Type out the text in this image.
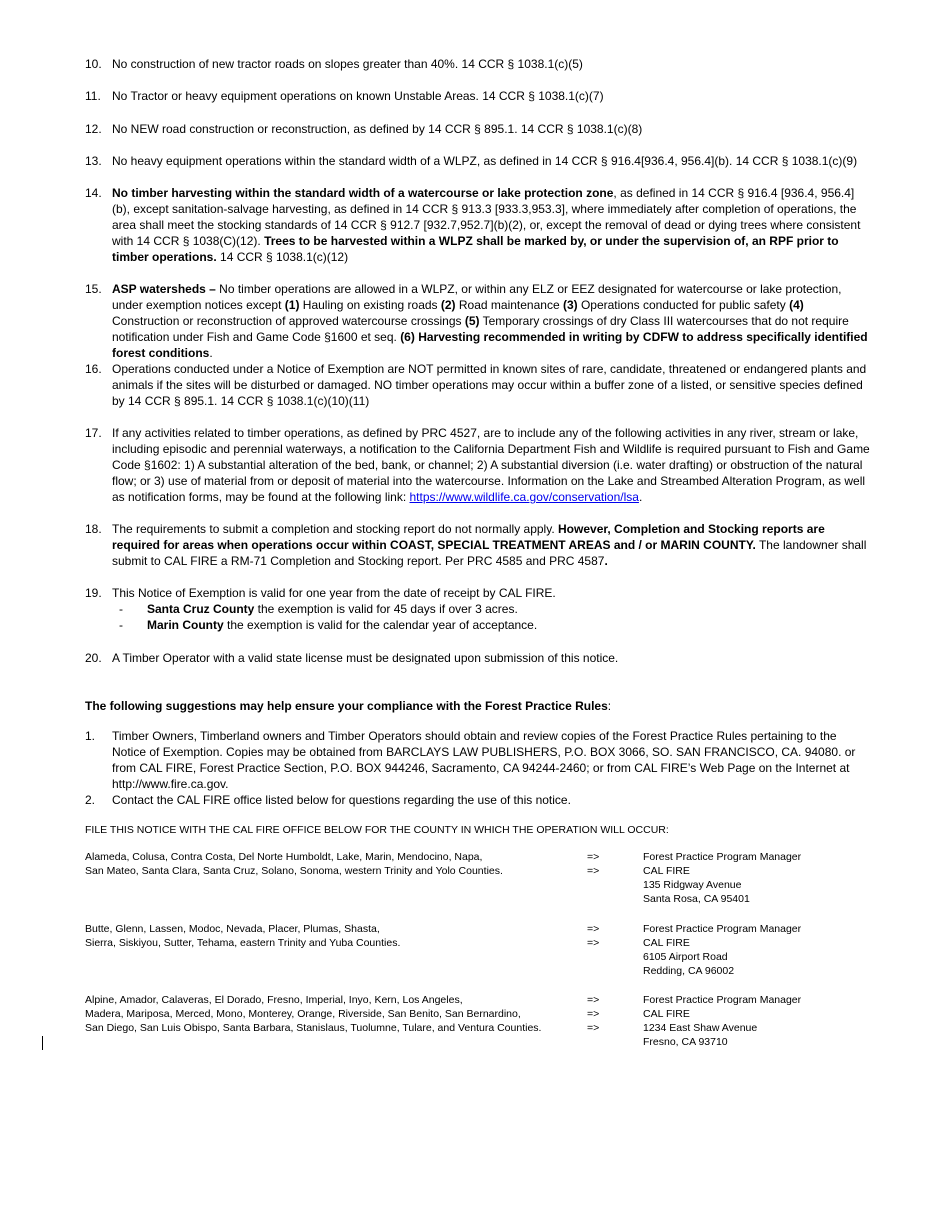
10. No construction of new tractor roads on slopes greater than 40%. 14 CCR § 1038.1(c)(5)
11. No Tractor or heavy equipment operations on known Unstable Areas. 14 CCR § 1038.1(c)(7)
12. No NEW road construction or reconstruction, as defined by 14 CCR § 895.1. 14 CCR § 1038.1(c)(8)
13. No heavy equipment operations within the standard width of a WLPZ, as defined in 14 CCR § 916.4[936.4, 956.4](b). 14 CCR § 1038.1(c)(9)
14. No timber harvesting within the standard width of a watercourse or lake protection zone, as defined in 14 CCR § 916.4 [936.4, 956.4](b), except sanitation-salvage harvesting, as defined in 14 CCR § 913.3 [933.3,953.3], where immediately after completion of operations, the area shall meet the stocking standards of 14 CCR § 912.7 [932.7,952.7](b)(2), or, except the removal of dead or dying trees where consistent with 14 CCR § 1038(C)(12). Trees to be harvested within a WLPZ shall be marked by, or under the supervision of, an RPF prior to timber operations. 14 CCR § 1038.1(c)(12)
15. ASP watersheds – No timber operations are allowed in a WLPZ, or within any ELZ or EEZ designated for watercourse or lake protection, under exemption notices except (1) Hauling on existing roads (2) Road maintenance (3) Operations conducted for public safety (4) Construction or reconstruction of approved watercourse crossings (5) Temporary crossings of dry Class III watercourses that do not require notification under Fish and Game Code §1600 et seq. (6) Harvesting recommended in writing by CDFW to address specifically identified forest conditions.
16. Operations conducted under a Notice of Exemption are NOT permitted in known sites of rare, candidate, threatened or endangered plants and animals if the sites will be disturbed or damaged. NO timber operations may occur within a buffer zone of a listed, or sensitive species defined by 14 CCR § 895.1. 14 CCR § 1038.1(c)(10)(11)
17. If any activities related to timber operations, as defined by PRC 4527, are to include any of the following activities in any river, stream or lake, including episodic and perennial waterways, a notification to the California Department Fish and Wildlife is required pursuant to Fish and Game Code §1602: 1) A substantial alteration of the bed, bank, or channel; 2) A substantial diversion (i.e. water drafting) or obstruction of the natural flow; or 3) use of material from or deposit of material into the watercourse. Information on the Lake and Streambed Alteration Program, as well as notification forms, may be found at the following link: https://www.wildlife.ca.gov/conservation/lsa.
18. The requirements to submit a completion and stocking report do not normally apply. However, Completion and Stocking reports are required for areas when operations occur within COAST, SPECIAL TREATMENT AREAS and / or MARIN COUNTY. The landowner shall submit to CAL FIRE a RM-71 Completion and Stocking report. Per PRC 4585 and PRC 4587.
19. This Notice of Exemption is valid for one year from the date of receipt by CAL FIRE.
- Santa Cruz County the exemption is valid for 45 days if over 3 acres.
- Marin County the exemption is valid for the calendar year of acceptance.
20. A Timber Operator with a valid state license must be designated upon submission of this notice.
The following suggestions may help ensure your compliance with the Forest Practice Rules:
1.	Timber Owners, Timberland owners and Timber Operators should obtain and review copies of the Forest Practice Rules pertaining to the Notice of Exemption. Copies may be obtained from BARCLAYS LAW PUBLISHERS, P.O. BOX 3066, SO. SAN FRANCISCO, CA. 94080. or from CAL FIRE, Forest Practice Section, P.O. BOX 944246, Sacramento, CA 94244-2460; or from CAL FIRE’s Web Page on the Internet at http://www.fire.ca.gov.
2.	Contact the CAL FIRE office listed below for questions regarding the use of this notice.
FILE THIS NOTICE WITH THE CAL FIRE OFFICE BELOW FOR THE COUNTY IN WHICH THE OPERATION WILL OCCUR:
Alameda, Colusa, Contra Costa, Del Norte Humboldt, Lake, Marin, Mendocino, Napa,
San Mateo, Santa Clara, Santa Cruz, Solano, Sonoma, western Trinity and Yolo Counties.
=>
=>
Forest Practice Program Manager
CAL FIRE
135 Ridgway Avenue
Santa Rosa, CA 95401
Butte, Glenn, Lassen, Modoc, Nevada, Placer, Plumas, Shasta,
Sierra, Siskiyou, Sutter, Tehama, eastern Trinity and Yuba Counties.
=>
=>
Forest Practice Program Manager
CAL FIRE
6105 Airport Road
Redding, CA 96002
Alpine, Amador, Calaveras, El Dorado, Fresno, Imperial, Inyo, Kern, Los Angeles,
Madera, Mariposa, Merced, Mono, Monterey, Orange, Riverside, San Benito, San Bernardino,
San Diego, San Luis Obispo, Santa Barbara, Stanislaus, Tuolumne, Tulare, and Ventura Counties.
=>
=>
=>
Forest Practice Program Manager
CAL FIRE
1234 East Shaw Avenue
Fresno, CA 93710
